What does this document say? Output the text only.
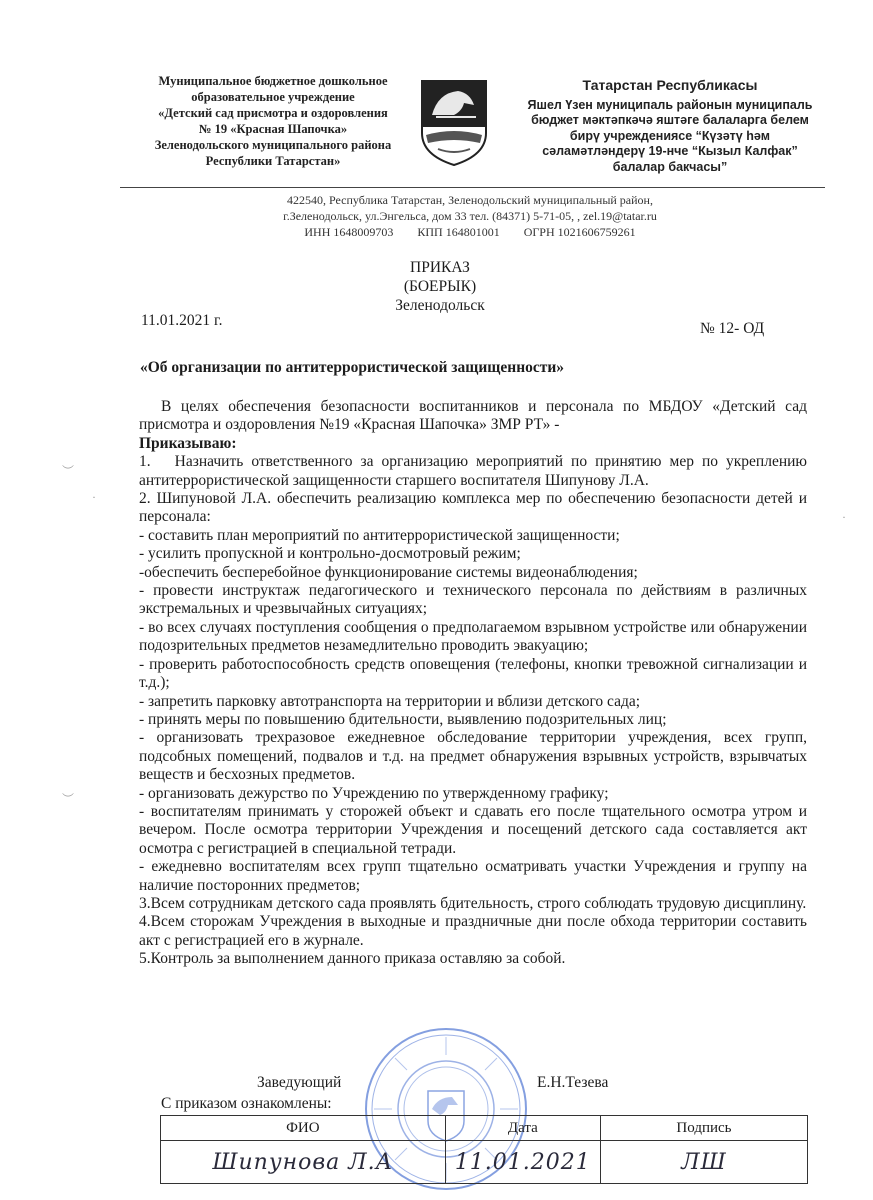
Муниципальное бюджетное дошкольное
образовательное учреждение
«Детский сад присмотра и оздоровления
№ 19 «Красная Шапочка»
Зеленодольского муниципального района
Республики Татарстан»
Татарстан Республикасы
Яшел Үзен муниципаль районын муниципаль
бюджет мәктәпкәчә яштәге балаларга белем
бирү учреждениясе “Күзәтү һәм
сәламәтләндерү 19-нче “Кызыл Калфак”
балалар бакчасы”
422540, Республика Татарстан, Зеленодольский муниципальный район,
г.Зеленодольск, ул.Энгельса, дом 33 тел. (84371) 5-71-05, , zel.19@tatar.ru
ИНН 1648009703        КПП 164801001        ОГРН 1021606759261
ПРИКАЗ
(БОЕРЫК)
Зеленодольск
11.01.2021 г.	№ 12- ОД
«Об организации по антитеррористической защищенности»

В целях обеспечения безопасности воспитанников и персонала по МБДОУ «Детский сад присмотра и оздоровления №19 «Красная Шапочка» ЗМР РТ» -

Приказываю:

1.   Назначить ответственного за организацию мероприятий по принятию мер по укреплению антитеррористической защищенности старшего воспитателя Шипунову Л.А.

2. Шипуновой Л.А. обеспечить реализацию комплекса мер по обеспечению безопасности детей и персонала:

- составить план мероприятий по антитеррористической защищенности;

- усилить пропускной и контрольно-досмотровый режим;

-обеспечить бесперебойное функционирование системы видеонаблюдения;

- провести инструктаж педагогического и технического персонала по действиям в различных экстремальных и чрезвычайных ситуациях;

- во всех случаях поступления сообщения о предполагаемом взрывном устройстве или обнаружении подозрительных предметов незамедлительно проводить эвакуацию;

- проверить работоспособность средств оповещения (телефоны, кнопки тревожной сигнализации и т.д.);

- запретить парковку автотранспорта на территории и вблизи детского сада;

- принять меры по повышению бдительности, выявлению подозрительных лиц;

- организовать трехразовое ежедневное обследование территории учреждения, всех групп, подсобных помещений, подвалов и т.д. на предмет обнаружения взрывных устройств, взрывчатых веществ и бесхозных предметов.

- организовать дежурство по Учреждению по утвержденному графику;

- воспитателям принимать у сторожей объект и сдавать его после тщательного осмотра утром и вечером. После осмотра территории Учреждения и посещений детского сада составляется акт осмотра с регистрацией в специальной тетради.

- ежедневно воспитателям всех групп тщательно осматривать участки Учреждения и группу на наличие посторонних предметов;

3.Всем сотрудникам детского сада проявлять бдительность, строго соблюдать трудовую дисциплину.

4.Всем сторожам Учреждения в выходные и праздничные дни после обхода территории составить акт с регистрацией его в журнале.

5.Контроль за выполнением данного приказа оставляю за собой.

Заведующий	Е.Н.Тезева
С приказом ознакомлены:
ФИО	Дата	Подпись
Шипунова Л.А	11.01.2021	ЛШ
︶
︶
·
·
